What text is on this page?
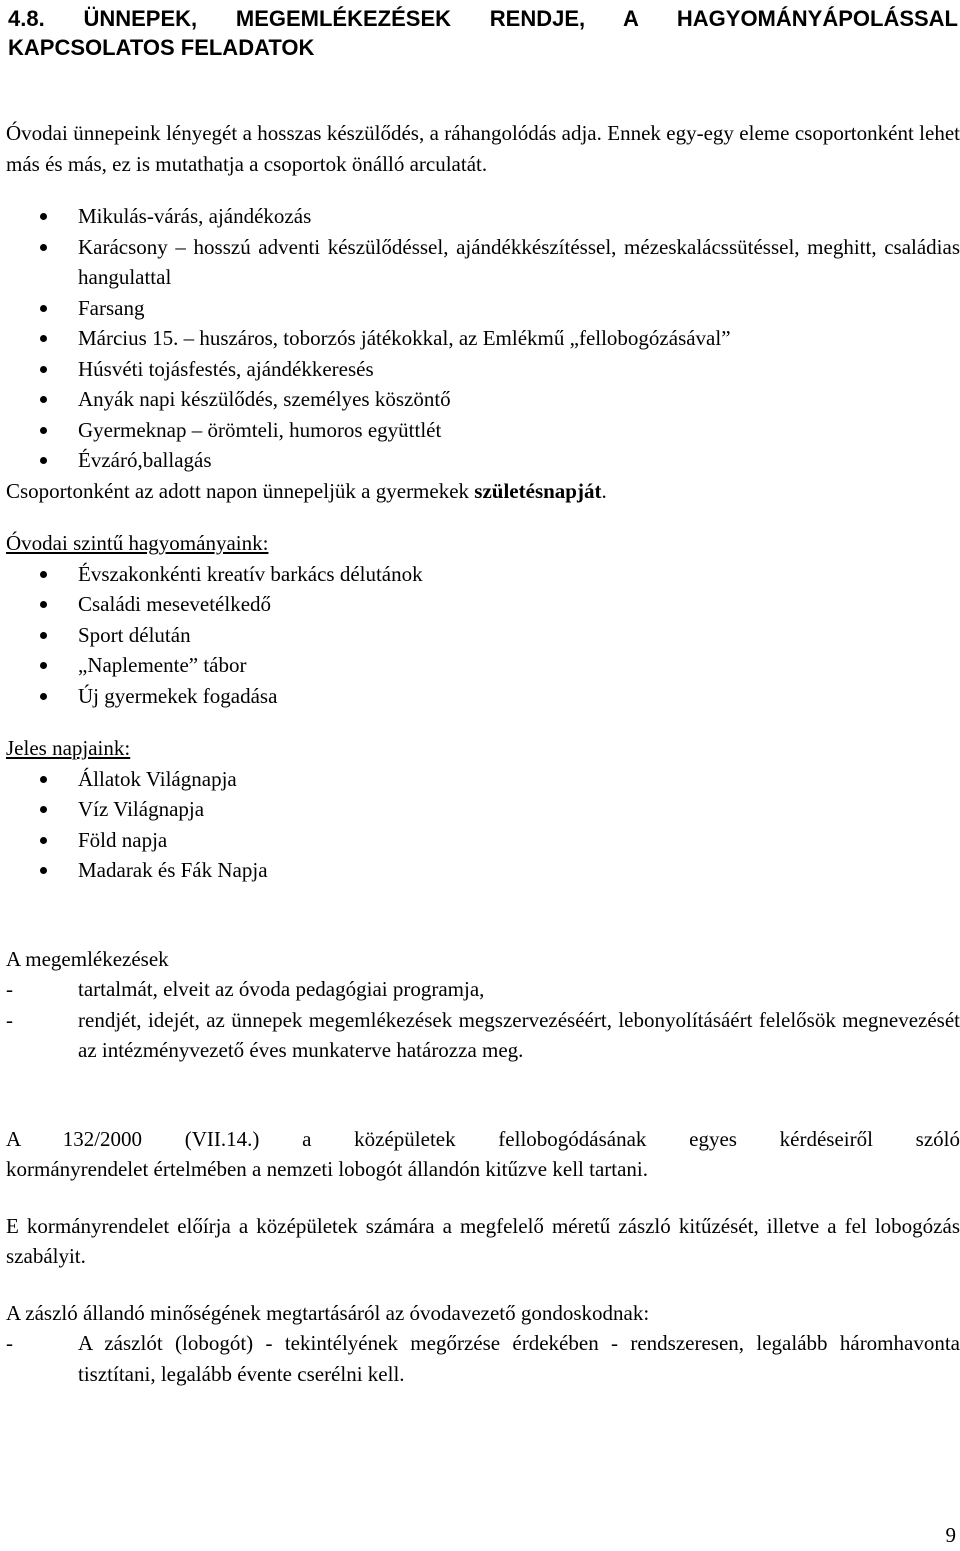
4.8. ÜNNEPEK, MEGEMLÉKEZÉSEK RENDJE, A HAGYOMÁNYÁPOLÁSSAL
KAPCSOLATOS FELADATOK

Óvodai ünnepeink lényegét a hosszas készülődés, a ráhangolódás adja. Ennek egy-egy eleme csoportonként lehet más és más, ez is mutathatja a csoportok önálló arculatát.

Mikulás-várás, ajándékozás
Karácsony – hosszú adventi készülődéssel, ajándékkészítéssel, mézeskalácssütéssel, meghitt, családias hangulattal
Farsang
Március 15. – huszáros, toborzós játékokkal, az Emlékmű „fellobogózásával”
Húsvéti tojásfestés, ajándékkeresés
Anyák napi készülődés, személyes köszöntő
Gyermeknap – örömteli, humoros együttlét
Évzáró,ballagás

Csoportonként az adott napon ünnepeljük a gyermekek születésnapját.

Óvodai szintű hagyományaink:

Évszakonkénti kreatív barkács délutánok
Családi mesevetélkedő
Sport délután
„Naplemente” tábor
Új gyermekek fogadása

Jeles napjaink:

Állatok Világnapja
Víz Világnapja
Föld napja
Madarak és Fák Napja

A megemlékezések

- tartalmát, elveit az óvoda pedagógiai programja,
- rendjét, idejét, az ünnepek megemlékezések megszervezéséért, lebonyolításáért felelősök megnevezését az intézményvezető éves munkaterve határozza meg.

A 132/2000 (VII.14.) a középületek fellobogódásának egyes kérdéseiről szóló
kormányrendelet értelmében a nemzeti lobogót állandón kitűzve kell tartani.

E kormányrendelet előírja a középületek számára a megfelelő méretű zászló kitűzését, illetve a fel lobogózás szabályit.

A zászló állandó minőségének megtartásáról az óvodavezető gondoskodnak:

- A zászlót (lobogót) - tekintélyének megőrzése érdekében - rendszeresen, legalább háromhavonta tisztítani, legalább évente cserélni kell.
9
